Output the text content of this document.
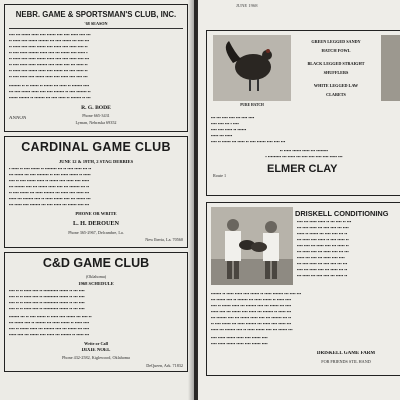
NEBR. GAME & SPORTSMAN'S CLUB, INC.
'68 SEASON
▪▪▪▪ ▪▪▪ ▪▪▪▪▪▪ ▪▪▪▪▪ ▪▪▪▪ ▪▪▪▪▪▪ ▪▪▪▪ ▪▪▪▪ ▪▪▪▪▪ ▪▪▪▪ ▪▪▪
▪▪ ▪▪▪▪▪ ▪▪▪▪ ▪▪▪▪▪▪ ▪▪▪▪▪▪▪ ▪▪▪ ▪▪▪▪ ▪▪▪▪▪▪ ▪▪▪ ▪▪▪▪ ▪▪▪
▪▪ ▪▪▪▪▪ ▪▪▪▪ ▪▪▪▪▪ ▪▪▪▪▪▪ ▪▪▪▪ ▪▪▪▪▪ ▪▪▪▪ ▪▪▪▪▪ ▪▪▪▪ ▪▪
▪▪ ▪▪▪▪ ▪▪▪▪▪ ▪▪▪▪▪▪▪ ▪▪▪▪▪ ▪▪▪▪ ▪▪▪ ▪▪▪▪▪▪ ▪▪▪▪ ▪▪▪▪▪ ▪
▪▪ ▪▪▪▪▪ ▪▪▪▪ ▪▪▪▪▪ ▪▪▪▪▪▪ ▪▪▪▪▪ ▪▪▪▪ ▪▪▪▪ ▪▪▪▪▪ ▪▪▪▪ ▪▪▪
▪▪ ▪▪▪▪ ▪▪▪▪▪ ▪▪▪▪▪ ▪▪▪▪▪▪▪ ▪▪▪▪ ▪▪▪▪▪ ▪▪▪▪ ▪▪▪ ▪▪▪▪▪ ▪▪
▪▪ ▪▪▪▪▪ ▪▪▪▪ ▪▪▪▪▪▪ ▪▪▪▪▪ ▪▪▪▪ ▪▪▪▪▪▪ ▪▪▪ ▪▪▪▪ ▪▪▪▪▪ ▪▪
▪▪ ▪▪▪▪ ▪▪▪▪▪ ▪▪▪▪ ▪▪▪▪▪▪ ▪▪▪▪▪ ▪▪▪▪ ▪▪▪▪▪ ▪▪▪▪ ▪▪▪▪ ▪▪▪
▪▪▪▪▪▪▪▪ ▪▪ ▪▪ ▪▪▪▪▪▪ ▪▪ ▪▪▪▪▪▪ ▪▪▪ ▪▪▪▪▪ ▪▪ ▪▪▪▪▪▪▪ ▪▪▪▪
▪▪▪ ▪▪▪▪ ▪▪▪▪▪▪ ▪▪▪▪▪ ▪▪▪▪ ▪▪▪▪ ▪▪▪▪▪▪▪ ▪▪ ▪▪▪▪ ▪▪▪▪▪▪▪ ▪▪
▪▪▪▪▪▪ ▪▪▪▪▪▪▪ ▪▪ ▪▪▪▪▪▪▪ ▪▪▪ ▪▪▪▪ ▪▪▪▪▪ ▪▪ ▪▪▪▪▪▪▪ ▪▪ ▪▪▪
R. G. BODE
ANNON
Phone 665-3431
Lyman, Nebraska 69352
CARDINAL GAME CLUB
JUNE 12 & 19TH, 2 STAG DERBIES
▪ ▪▪▪▪▪ ▪▪ ▪▪▪▪ ▪▪▪▪▪▪ ▪▪ ▪▪▪▪▪▪▪▪ ▪▪▪ ▪▪ ▪▪▪▪ ▪▪▪▪▪ ▪▪▪ ▪▪
▪▪▪ ▪▪▪▪▪▪ ▪▪▪ ▪▪▪▪ ▪▪▪▪▪▪▪▪ ▪▪ ▪▪▪▪ ▪▪▪▪▪ ▪▪▪▪▪▪ ▪▪ ▪▪▪▪▪
▪▪▪▪ ▪▪ ▪▪▪▪ ▪▪▪▪▪▪ ▪▪▪▪▪ ▪▪ ▪▪▪▪▪▪ ▪▪▪▪ ▪▪▪▪▪ ▪▪▪▪ ▪▪▪▪▪
▪▪▪ ▪▪▪▪▪▪▪ ▪▪▪▪ ▪▪▪ ▪▪▪▪▪▪ ▪▪▪▪▪ ▪▪▪▪ ▪▪▪ ▪▪▪▪▪▪▪ ▪▪▪ ▪▪
▪▪ ▪▪▪▪ ▪▪▪▪▪▪ ▪▪▪ ▪▪▪▪▪ ▪▪▪▪▪▪▪ ▪▪▪ ▪▪▪▪▪ ▪▪▪▪ ▪▪▪▪▪ ▪▪▪
▪▪▪▪▪ ▪▪▪ ▪▪▪▪▪▪▪ ▪▪▪▪ ▪▪ ▪▪▪▪▪ ▪▪▪▪▪▪ ▪▪▪▪ ▪▪▪ ▪▪▪▪▪▪ ▪▪▪
▪▪▪ ▪▪▪▪▪ ▪▪▪▪ ▪▪▪▪▪▪▪ ▪▪▪ ▪▪▪▪ ▪▪▪▪▪ ▪▪▪ ▪▪▪▪▪▪ ▪▪▪▪ ▪▪▪
PHONE OR WRITE
L. H. DEROUEN
Phone 365-2967, Delcambre, La.
New Iberia, La. 70560
C&D GAME CLUB
(Oklahoma)
1968 SCHEDULE
▪▪▪▪ ▪▪ ▪▪ ▪▪▪▪▪ ▪▪▪▪ ▪▪ ▪▪▪▪▪▪▪▪▪▪ ▪▪▪▪▪▪ ▪▪ ▪▪▪ ▪▪▪▪
▪▪▪▪ ▪▪ ▪▪ ▪▪▪▪▪ ▪▪▪▪ ▪▪ ▪▪▪▪▪▪▪▪▪▪ ▪▪▪▪▪▪ ▪▪ ▪▪▪ ▪▪▪▪
▪▪▪▪ ▪▪ ▪▪ ▪▪▪▪▪ ▪▪▪▪ ▪▪ ▪▪▪▪▪▪▪▪▪▪ ▪▪▪▪▪▪ ▪▪ ▪▪▪ ▪▪▪▪
▪▪▪▪ ▪▪ ▪▪ ▪▪▪▪▪ ▪▪▪▪ ▪▪ ▪▪▪▪▪▪▪▪▪▪ ▪▪▪▪▪▪ ▪▪ ▪▪▪ ▪▪▪▪
▪▪▪▪▪▪▪ ▪▪▪ ▪▪ ▪▪▪▪ ▪▪▪▪▪▪ ▪▪ ▪▪▪▪▪ ▪▪▪▪ ▪▪▪▪▪▪ ▪▪▪ ▪▪▪▪ ▪▪
▪▪▪ ▪▪▪▪▪▪ ▪▪▪▪ ▪▪ ▪▪▪▪▪▪▪ ▪▪▪ ▪▪▪▪▪ ▪▪▪▪▪▪ ▪▪ ▪▪▪▪▪ ▪▪▪▪
▪▪▪▪ ▪▪ ▪▪▪▪▪▪ ▪▪▪▪▪ ▪▪▪ ▪▪▪▪▪▪▪ ▪▪▪▪ ▪▪▪ ▪▪▪▪▪▪ ▪▪▪ ▪▪▪▪
▪▪▪▪▪ ▪▪▪▪ ▪▪▪ ▪▪▪▪▪▪ ▪▪▪▪ ▪▪▪▪▪ ▪▪▪ ▪▪▪▪▪▪▪ ▪▪ ▪▪▪▪▪ ▪▪▪
Write or Call
DIXIE NOEL
Phone 432-2582, Kiglewood, Oklahoma
DeQueen, Ark. 71832
JUNE 1968
PURE HATCH
GREEN LEGGED SANDY
HATCH FOWL
BLACK LEGGED STRAIGHT
SHUFFLERS
WHITE LEGGED LAW
CLARETS
▪▪▪ ▪▪▪ ▪▪▪▪ ▪▪▪▪ ▪▪▪ ▪▪▪▪ ▪▪▪▪
▪▪▪▪ ▪▪▪▪ ▪▪▪ ▪ ▪▪▪▪
▪▪▪▪ ▪▪▪▪ ▪▪▪▪▪ ▪▪ ▪▪▪▪▪▪
▪▪▪▪▪ ▪▪▪ ▪▪▪▪▪
▪▪▪▪ ▪▪ ▪▪▪▪▪▪ ▪▪▪ ▪▪▪▪▪ ▪▪ ▪▪▪▪ ▪▪▪▪▪▪ ▪▪▪▪ ▪▪▪▪ ▪▪▪
▪▪ ▪▪▪▪▪ ▪▪▪▪▪▪ ▪▪▪▪▪ ▪▪▪ ▪▪▪▪▪▪▪▪
▪ ▪▪▪▪▪▪▪▪▪ ▪▪▪ ▪▪▪▪▪ ▪▪▪ ▪▪▪▪ ▪▪▪▪ ▪▪▪▪ ▪▪▪▪ ▪▪▪▪▪ ▪▪▪
Route 1
ELMER CLAY
DRISKELL CONDITIONING
▪▪▪▪ ▪▪▪ ▪▪▪▪▪ ▪▪▪▪▪ ▪▪ ▪▪▪ ▪▪▪▪ ▪▪ ▪▪▪
▪▪▪ ▪▪▪▪ ▪▪▪▪▪ ▪▪▪ ▪▪▪▪ ▪▪▪▪ ▪▪▪ ▪▪▪▪
▪▪▪▪▪ ▪▪ ▪▪▪▪▪▪ ▪▪▪ ▪▪▪▪ ▪▪▪▪ ▪▪▪ ▪▪
▪▪▪ ▪▪▪▪▪ ▪▪▪▪ ▪▪▪▪▪ ▪▪ ▪▪▪▪ ▪▪▪▪▪ ▪▪
▪▪▪▪ ▪▪▪▪ ▪▪▪ ▪▪▪▪▪ ▪▪▪▪ ▪▪▪ ▪▪▪▪▪ ▪▪
▪▪▪ ▪▪▪▪▪ ▪▪▪▪ ▪▪▪ ▪▪▪▪▪ ▪▪▪▪ ▪▪▪ ▪▪▪
▪▪▪▪▪ ▪▪▪ ▪▪▪▪ ▪▪▪ ▪▪▪▪▪ ▪▪▪▪ ▪▪▪▪
▪▪▪ ▪▪▪▪ ▪▪▪▪▪ ▪▪▪ ▪▪▪▪ ▪▪▪▪ ▪▪▪ ▪▪▪
▪▪▪▪ ▪▪▪ ▪▪▪▪▪ ▪▪▪▪ ▪▪▪ ▪▪▪▪▪ ▪▪▪ ▪▪
▪▪▪ ▪▪▪▪▪ ▪▪▪ ▪▪▪▪ ▪▪▪▪ ▪▪▪ ▪▪▪▪▪ ▪▪
▪▪▪▪▪▪▪ ▪▪ ▪▪▪▪▪ ▪▪▪▪▪ ▪▪▪▪ ▪▪▪▪▪▪ ▪▪ ▪▪▪▪▪ ▪▪▪▪▪▪▪ ▪▪▪ ▪▪▪▪ ▪▪▪
▪▪▪ ▪▪▪▪▪▪ ▪▪▪▪ ▪▪ ▪▪▪▪▪▪▪ ▪▪▪ ▪▪▪▪▪ ▪▪▪▪▪▪ ▪▪ ▪▪▪▪▪ ▪▪▪▪
▪▪▪▪ ▪▪ ▪▪▪▪▪▪ ▪▪▪▪▪ ▪▪▪ ▪▪▪▪▪▪▪ ▪▪▪▪ ▪▪▪ ▪▪▪▪▪▪ ▪▪▪ ▪▪▪▪
▪▪▪▪▪ ▪▪▪▪ ▪▪▪ ▪▪▪▪▪▪ ▪▪▪▪ ▪▪▪▪▪ ▪▪▪ ▪▪▪▪▪▪▪ ▪▪ ▪▪▪▪▪ ▪▪▪
▪▪▪ ▪▪▪▪▪▪▪ ▪▪▪▪ ▪▪▪ ▪▪▪▪▪▪ ▪▪▪▪▪ ▪▪▪▪ ▪▪▪ ▪▪▪▪▪▪▪ ▪▪▪ ▪▪
▪▪ ▪▪▪▪ ▪▪▪▪▪▪ ▪▪▪ ▪▪▪▪▪ ▪▪▪▪▪▪▪ ▪▪▪ ▪▪▪▪▪ ▪▪▪▪ ▪▪▪▪▪ ▪▪▪
▪▪▪▪▪ ▪▪▪ ▪▪▪▪▪▪▪ ▪▪▪▪ ▪▪ ▪▪▪▪▪ ▪▪▪▪▪▪ ▪▪▪▪ ▪▪▪ ▪▪▪▪▪▪ ▪▪▪
▪▪▪▪ ▪▪▪▪▪ ▪▪▪▪▪▪ ▪▪▪▪▪ ▪▪▪▪ ▪▪▪▪▪▪ ▪▪▪▪
▪▪▪▪ ▪▪▪▪▪ ▪▪▪▪▪▪ ▪▪▪▪▪ ▪▪▪▪ ▪▪▪▪▪▪ ▪▪▪▪
DRISKELL GAME FARM
FOR FRIENDS STIL HAND
